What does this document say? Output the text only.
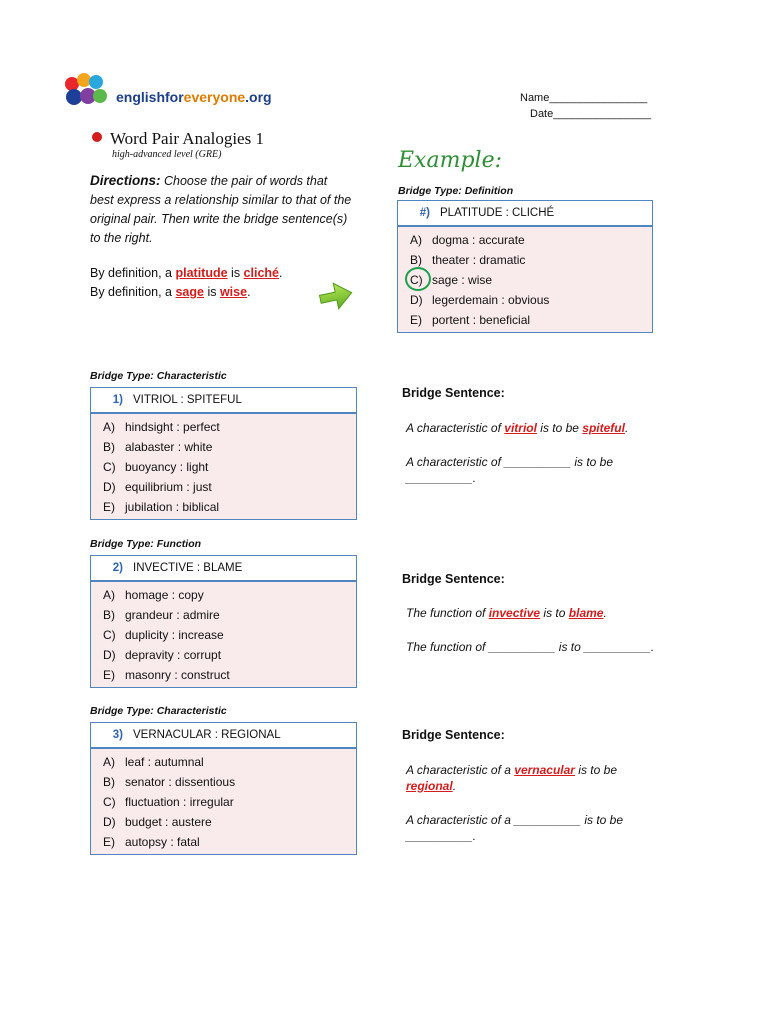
englishforeveryone.org	Name________________
Date________________
Word Pair Analogies 1
high-advanced level (GRE)
Directions: Choose the pair of words that best express a relationship similar to that of the original pair. Then write the bridge sentence(s) to the right.
By definition, a platitude is cliché.
By definition, a sage is wise.
Example:
Bridge Type: Definition
#) PLATITUDE : CLICHÉ
A) dogma : accurate
B) theater : dramatic
C) sage : wise
D) legerdemain : obvious
E) portent : beneficial
Bridge Type: Characteristic
1) VITRIOL : SPITEFUL
A) hindsight : perfect
B) alabaster : white
C) buoyancy : light
D) equilibrium : just
E) jubilation : biblical
Bridge Sentence:
A characteristic of vitriol is to be spiteful.
A characteristic of __________ is to be
__________.
Bridge Type: Function
2) INVECTIVE : BLAME
A) homage : copy
B) grandeur : admire
C) duplicity : increase
D) depravity : corrupt
E) masonry : construct
Bridge Sentence:
The function of invective is to blame.
The function of __________ is to __________.
Bridge Type: Characteristic
3) VERNACULAR : REGIONAL
A) leaf : autumnal
B) senator : dissentious
C) fluctuation : irregular
D) budget : austere
E) autopsy : fatal
Bridge Sentence:
A characteristic of a vernacular is to be
regional.
A characteristic of a __________ is to be
__________.
